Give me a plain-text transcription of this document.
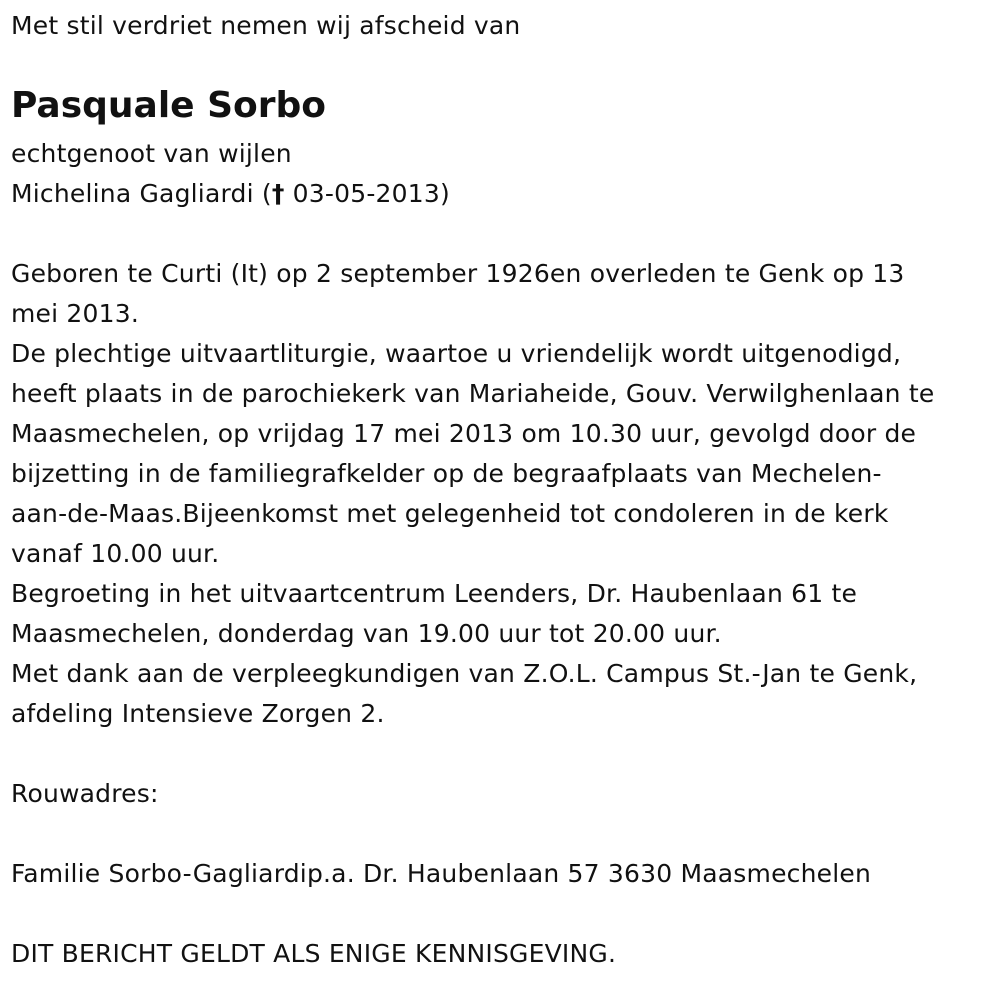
Met stil verdriet nemen wij afscheid van
Pasquale Sorbo
echtgenoot van wijlen
Michelina Gagliardi († 03-05-2013)
Geboren te Curti (It) op 2 september 1926en overleden te Genk op 13
mei 2013.
De plechtige uitvaartliturgie, waartoe u vriendelijk wordt uitgenodigd,
heeft plaats in de parochiekerk van Mariaheide, Gouv. Verwilghenlaan te
Maasmechelen, op vrijdag 17 mei 2013 om 10.30 uur, gevolgd door de
bijzetting in de familiegrafkelder op de begraafplaats van Mechelen-
aan-de-Maas.Bijeenkomst met gelegenheid tot condoleren in de kerk
vanaf 10.00 uur.
Begroeting in het uitvaartcentrum Leenders, Dr. Haubenlaan 61 te
Maasmechelen, donderdag van 19.00 uur tot 20.00 uur.
Met dank aan de verpleegkundigen van Z.O.L. Campus St.-Jan te Genk,
afdeling Intensieve Zorgen 2.
Rouwadres:
Familie Sorbo-Gagliardip.a. Dr. Haubenlaan 57 3630 Maasmechelen
DIT BERICHT GELDT ALS ENIGE KENNISGEVING.
